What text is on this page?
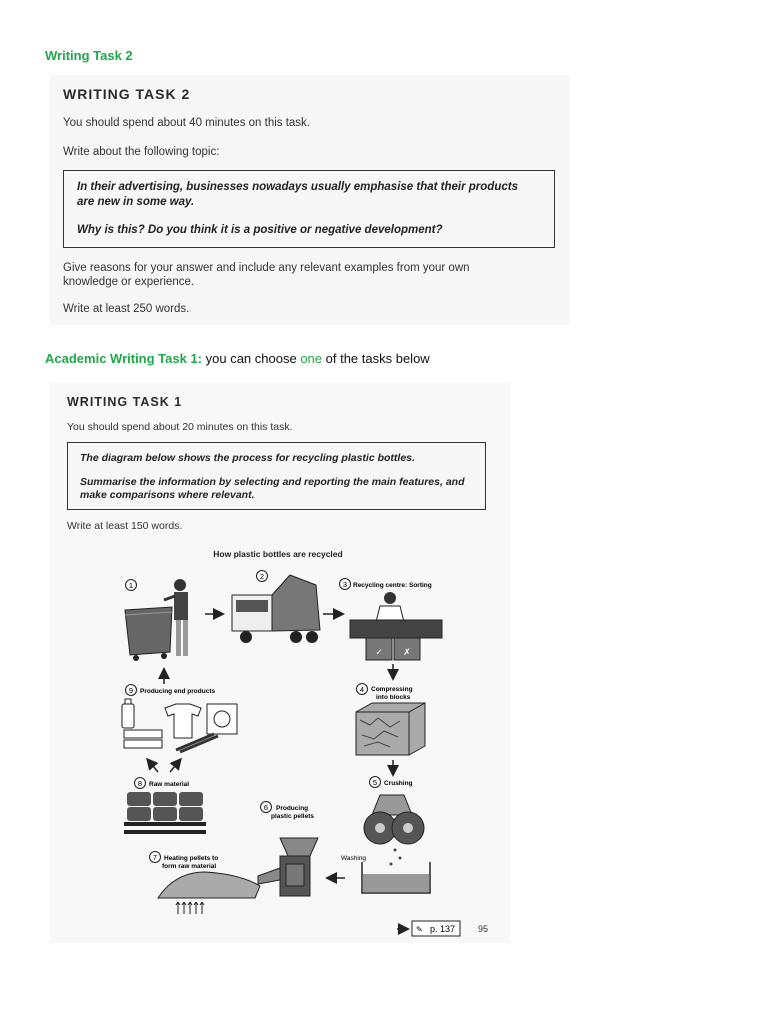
Writing Task 2
WRITING TASK 2
You should spend about 40 minutes on this task.
Write about the following topic:

In their advertising, businesses nowadays usually emphasise that their products

are new in some way.

Why is this? Do you think it is a positive or negative development?

Give reasons for your answer and include any relevant examples from your own
knowledge or experience.
Write at least 250 words.
Academic Writing Task 1: you can choose one of the tasks below
WRITING TASK 1
You should spend about 20 minutes on this task.

The diagram below shows the process for recycling plastic bottles.

Summarise the information by selecting and reporting the main features, and

make comparisons where relevant.

Write at least 150 words.
How plastic bottles are recycled
1
2
3 Recycling centre: Sorting
✓ ✗
4 Compressing
into blocks
5 Crushing
Washing
6 Producing
plastic pellets
7 Heating pellets to
form raw material
8 Raw material
9 Producing end products
p. 137
✎	95
